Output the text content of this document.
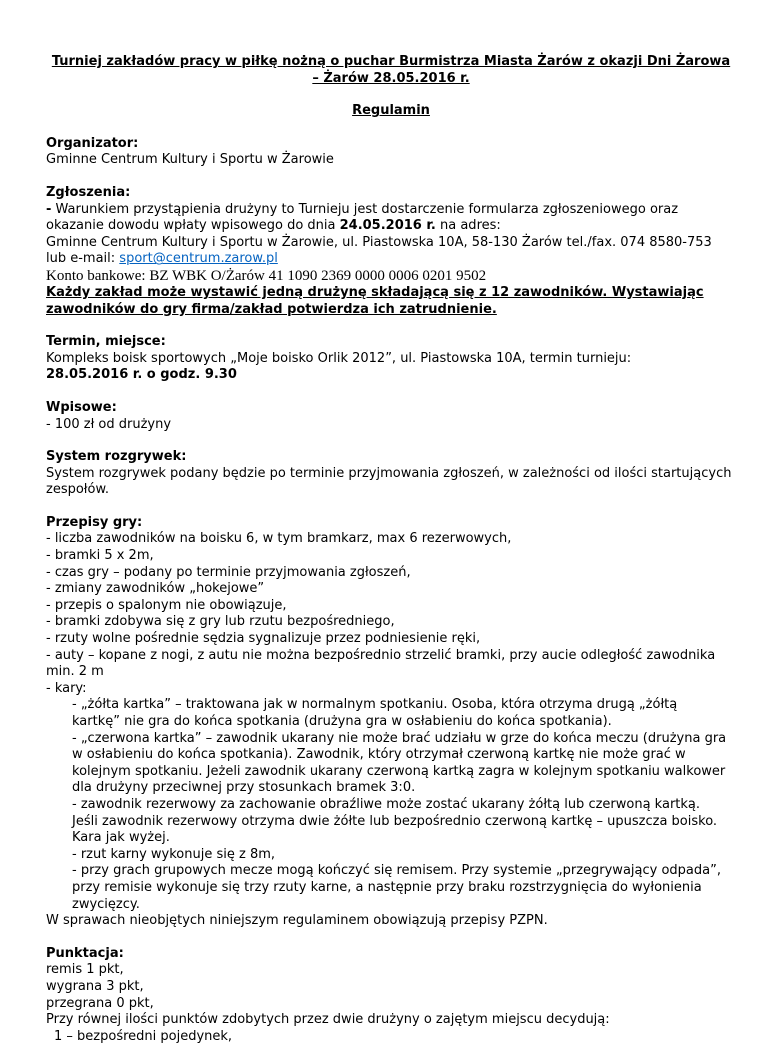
Turniej zakładów pracy w piłkę nożną o puchar Burmistrza Miasta Żarów z okazji Dni Żarowa
– Żarów 28.05.2016 r.
Regulamin
Organizator:
Gminne Centrum Kultury i Sportu w Żarowie
Zgłoszenia:
- Warunkiem przystąpienia drużyny to Turnieju jest dostarczenie formularza zgłoszeniowego oraz okazanie dowodu wpłaty wpisowego do dnia 24.05.2016 r. na adres:
Gminne Centrum Kultury i Sportu w Żarowie, ul. Piastowska 10A, 58-130 Żarów tel./fax. 074 8580-753
lub e-mail: sport@centrum.zarow.pl
Konto bankowe: BZ WBK O/Żarów 41 1090 2369 0000 0006 0201 9502
Każdy zakład może wystawić jedną drużynę składającą się z 12 zawodników. Wystawiając zawodników do gry firma/zakład potwierdza ich zatrudnienie.
Termin, miejsce:
Kompleks boisk sportowych „Moje boisko Orlik 2012”, ul. Piastowska 10A, termin turnieju:
28.05.2016 r. o godz. 9.30
Wpisowe:
- 100 zł od drużyny
System rozgrywek:
System rozgrywek podany będzie po terminie przyjmowania zgłoszeń, w zależności od ilości startujących zespołów.
Przepisy gry:
- liczba zawodników na boisku 6, w tym bramkarz, max 6 rezerwowych,
- bramki 5 x 2m,
- czas gry – podany po terminie przyjmowania zgłoszeń,
- zmiany zawodników „hokejowe”
- przepis o spalonym nie obowiązuje,
- bramki zdobywa się z gry lub rzutu bezpośredniego,
- rzuty wolne pośrednie sędzia sygnalizuje przez podniesienie ręki,
- auty – kopane z nogi, z autu nie można bezpośrednio strzelić bramki, przy aucie odległość zawodnika min. 2 m
- kary:
- „żółta kartka” – traktowana jak w normalnym spotkaniu. Osoba, która otrzyma drugą „żółtą kartkę” nie gra do końca spotkania (drużyna gra w osłabieniu do końca spotkania).
- „czerwona kartka” – zawodnik ukarany nie może brać udziału w grze do końca meczu (drużyna gra w osłabieniu do końca spotkania). Zawodnik, który otrzymał czerwoną kartkę nie może grać w kolejnym spotkaniu. Jeżeli zawodnik ukarany czerwoną kartką zagra w kolejnym spotkaniu walkower dla drużyny przeciwnej przy stosunkach bramek 3:0.
- zawodnik rezerwowy za zachowanie obraźliwe może zostać ukarany żółtą lub czerwoną kartką. Jeśli zawodnik rezerwowy otrzyma dwie żółte lub bezpośrednio czerwoną kartkę – upuszcza boisko. Kara jak wyżej.
- rzut karny wykonuje się z 8m,
- przy grach grupowych mecze mogą kończyć się remisem. Przy systemie „przegrywający odpada”, przy remisie wykonuje się trzy rzuty karne, a następnie przy braku rozstrzygnięcia do wyłonienia zwycięzcy.
W sprawach nieobjętych niniejszym regulaminem obowiązują przepisy PZPN.
Punktacja:
remis 1 pkt,
wygrana 3 pkt,
przegrana 0 pkt,
Przy równej ilości punktów zdobytych przez dwie drużyny o zajętym miejscu decydują:
1 – bezpośredni pojedynek,
